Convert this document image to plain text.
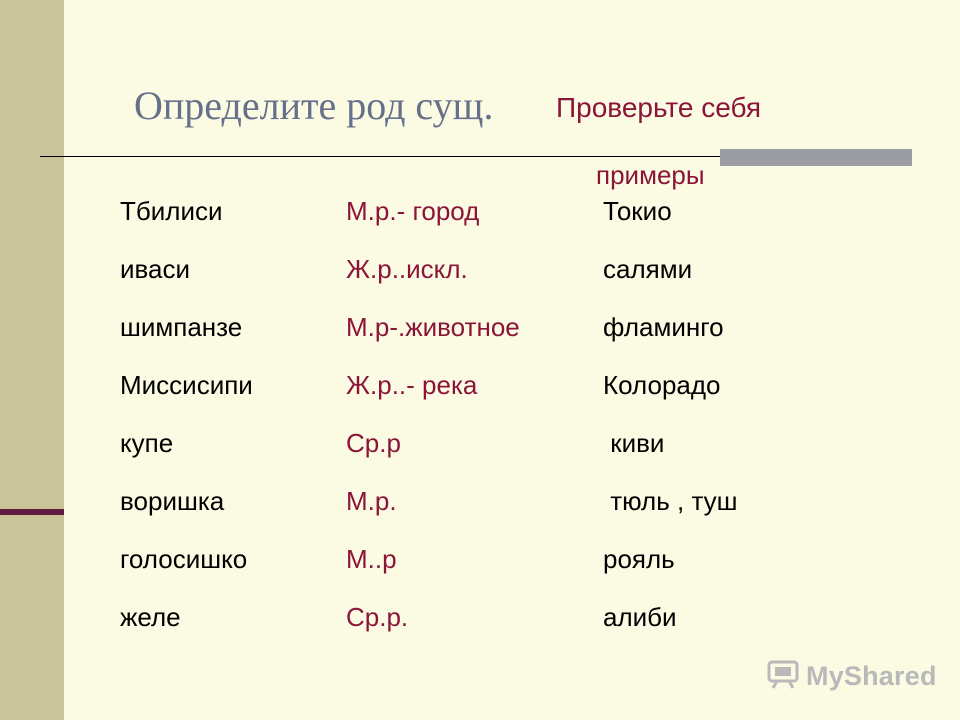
Определите род сущ. Проверьте себя
примеры
Тбилиси	М.р.- город	Токио
иваси	Ж.р..искл.	салями
шимпанзе	М.р-.животное	фламинго
Миссисипи	Ж.р..- река	Колорадо
купе	Ср.р	киви
воришка	М.р.	тюль , туш
голосишко	М..р	рояль
желе	Ср.р.	алиби
MyShared
